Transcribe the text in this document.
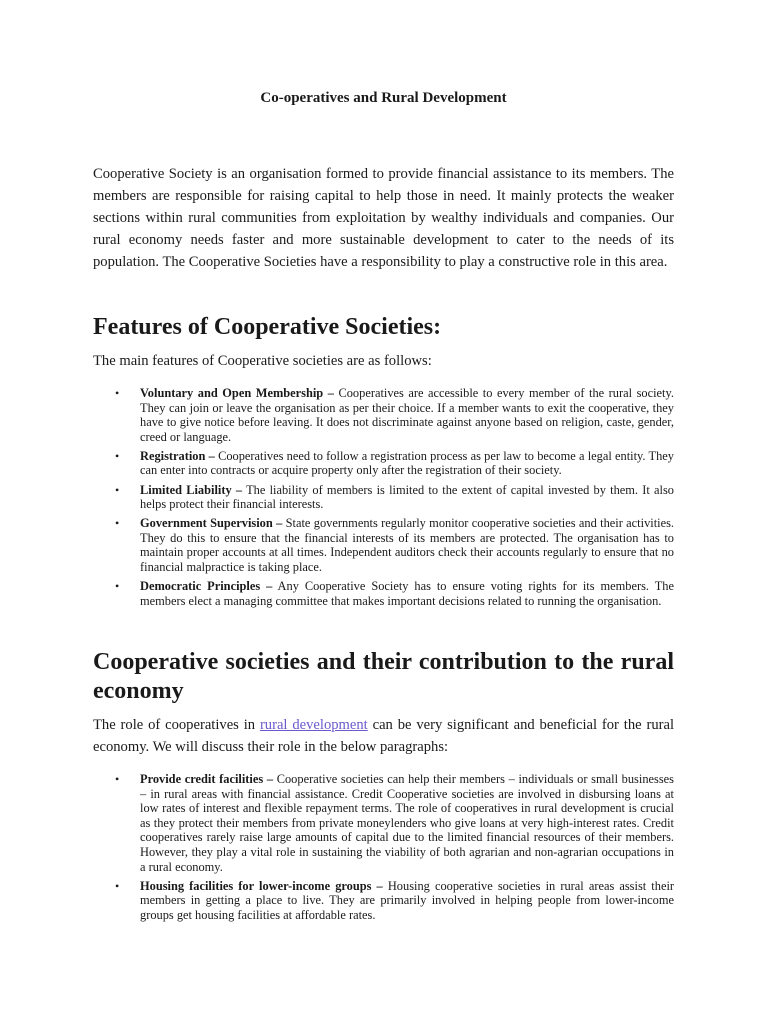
Co-operatives and Rural Development

Cooperative Society is an organisation formed to provide financial assistance to its members. The members are responsible for raising capital to help those in need. It mainly protects the weaker sections within rural communities from exploitation by wealthy individuals and companies. Our rural economy needs faster and more sustainable development to cater to the needs of its population. The Cooperative Societies have a responsibility to play a constructive role in this area.

Features of Cooperative Societies:

The main features of Cooperative societies are as follows:

• Voluntary and Open Membership – Cooperatives are accessible to every member of the rural society. They can join or leave the organisation as per their choice. If a member wants to exit the cooperative, they have to give notice before leaving. It does not discriminate against anyone based on religion, caste, gender, creed or language.
• Registration – Cooperatives need to follow a registration process as per law to become a legal entity. They can enter into contracts or acquire property only after the registration of their society.
• Limited Liability – The liability of members is limited to the extent of capital invested by them. It also helps protect their financial interests.
• Government Supervision – State governments regularly monitor cooperative societies and their activities. They do this to ensure that the financial interests of its members are protected. The organisation has to maintain proper accounts at all times. Independent auditors check their accounts regularly to ensure that no financial malpractice is taking place.
• Democratic Principles – Any Cooperative Society has to ensure voting rights for its members. The members elect a managing committee that makes important decisions related to running the organisation.
Cooperative societies and their contribution to the rural economy

The role of cooperatives in rural development can be very significant and beneficial for the rural economy. We will discuss their role in the below paragraphs:

• Provide credit facilities – Cooperative societies can help their members – individuals or small businesses – in rural areas with financial assistance. Credit Cooperative societies are involved in disbursing loans at low rates of interest and flexible repayment terms. The role of cooperatives in rural development is crucial as they protect their members from private moneylenders who give loans at very high-interest rates. Credit cooperatives rarely raise large amounts of capital due to the limited financial resources of their members. However, they play a vital role in sustaining the viability of both agrarian and non-agrarian occupations in a rural economy.
• Housing facilities for lower-income groups – Housing cooperative societies in rural areas assist their members in getting a place to live. They are primarily involved in helping people from lower-income groups get housing facilities at affordable rates.
